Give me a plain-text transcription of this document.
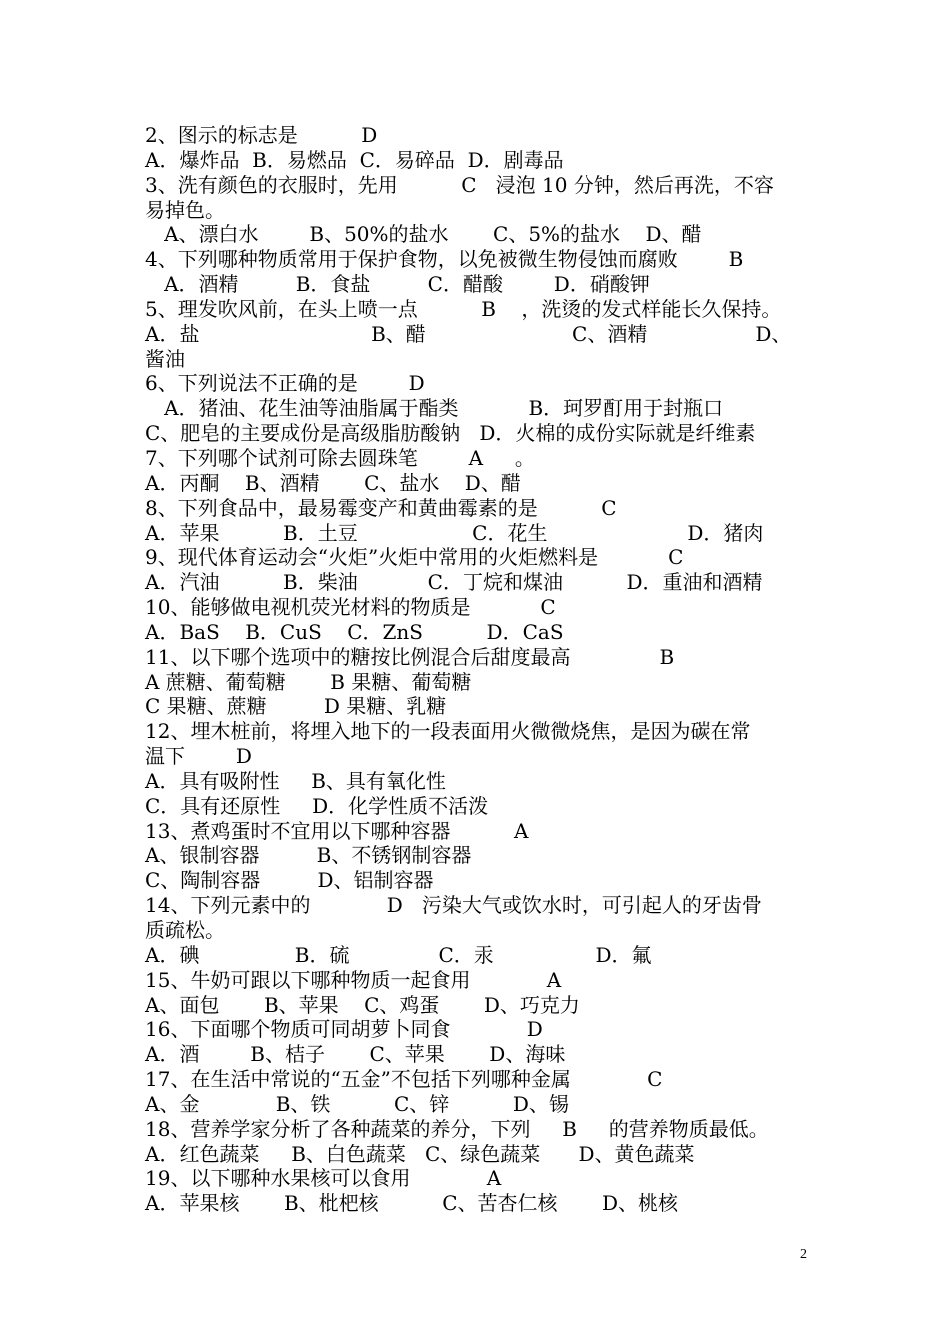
2、图示的标志是          D
A．爆炸品  B．易燃品  C．易碎品  D．剧毒品
3、洗有颜色的衣服时，先用          C   浸泡 10 分钟，然后再洗，不容
易掉色。
A、漂白水        B、50%的盐水       C、5%的盐水    D、醋
4、下列哪种物质常用于保护食物，以免被微生物侵蚀而腐败        B
A．酒精         B．食盐         C．醋酸        D．硝酸钾
5、理发吹风前，在头上喷一点          B    ，洗烫的发式样能长久保持。
A．盐                           B、醋                       C、酒精                 D、
酱油
6、下列说法不正确的是        D
A．猪油、花生油等油脂属于酯类           B．珂罗酊用于封瓶口
C、肥皂的主要成份是高级脂肪酸钠   D．火棉的成份实际就是纤维素
7、下列哪个试剂可除去圆珠笔        A     。
A．丙酮    B、酒精       C、盐水    D、醋
8、下列食品中，最易霉变产和黄曲霉素的是          C
A．苹果          B．土豆                  C．花生                      D．猪肉
9、现代体育运动会“火炬”火炬中常用的火炬燃料是           C
A．汽油          B．柴油           C．丁烷和煤油          D．重油和酒精
10、能够做电视机荧光材料的物质是           C
A．BaS    B．CuS    C．ZnS          D．CaS
11、以下哪个选项中的糖按比例混合后甜度最高              B
A 蔗糖、葡萄糖       B 果糖、葡萄糖
C 果糖、蔗糖         D 果糖、乳糖
12、埋木桩前，将埋入地下的一段表面用火微微烧焦，是因为碳在常
温下        D
A．具有吸附性     B、具有氧化性
C．具有还原性     D．化学性质不活泼
13、煮鸡蛋时不宜用以下哪种容器          A
A、银制容器         B、不锈钢制容器
C、陶制容器         D、铝制容器
14、下列元素中的            D   污染大气或饮水时，可引起人的牙齿骨
质疏松。
A．碘               B．硫              C．汞                D．氟
15、牛奶可跟以下哪种物质一起食用            A
A、面包       B、苹果    C、鸡蛋       D、巧克力
16、下面哪个物质可同胡萝卜同食            D
A．酒        B、桔子       C、苹果       D、海味
17、在生活中常说的“五金”不包括下列哪种金属            C
A、金            B、铁          C、锌          D、锡
18、营养学家分析了各种蔬菜的养分，下列     B     的营养物质最低。
A．红色蔬菜     B、白色蔬菜   C、绿色蔬菜      D、黄色蔬菜
19、以下哪种水果核可以食用            A
A．苹果核       B、枇杷核          C、苦杏仁核       D、桃核
2
